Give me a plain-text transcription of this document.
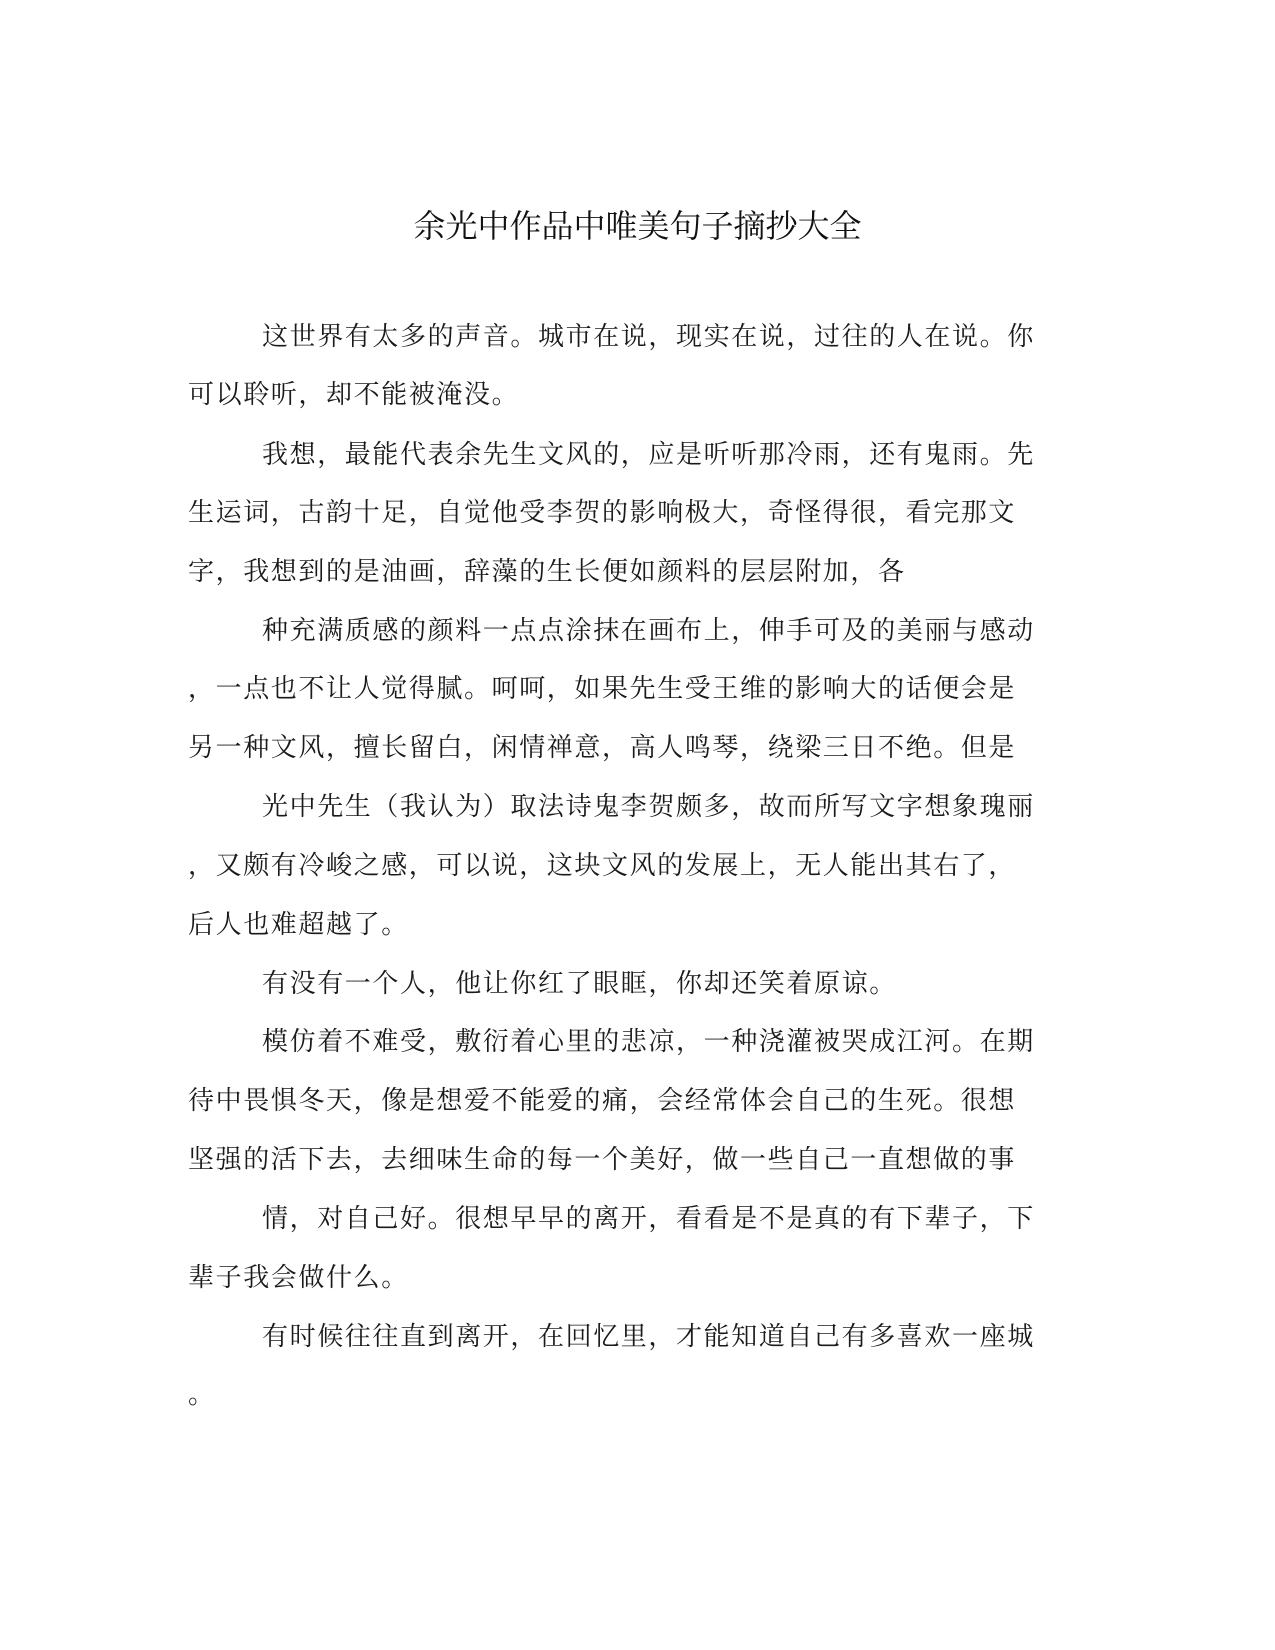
余光中作品中唯美句子摘抄大全
这世界有太多的声音。城市在说，现实在说，过往的人在说。你
可以聆听，却不能被淹没。
我想，最能代表余先生文风的，应是听听那冷雨，还有鬼雨。先
生运词，古韵十足，自觉他受李贺的影响极大，奇怪得很，看完那文
字，我想到的是油画，辞藻的生长便如颜料的层层附加，各
种充满质感的颜料一点点涂抹在画布上，伸手可及的美丽与感动
，一点也不让人觉得腻。呵呵，如果先生受王维的影响大的话便会是
另一种文风，擅长留白，闲情禅意，高人鸣琴，绕梁三日不绝。但是
光中先生（我认为）取法诗鬼李贺颇多，故而所写文字想象瑰丽
，又颇有冷峻之感，可以说，这块文风的发展上，无人能出其右了，
后人也难超越了。
有没有一个人，他让你红了眼眶，你却还笑着原谅。
模仿着不难受，敷衍着心里的悲凉，一种浇灌被哭成江河。在期
待中畏惧冬天，像是想爱不能爱的痛，会经常体会自己的生死。很想
坚强的活下去，去细味生命的每一个美好，做一些自己一直想做的事
情，对自己好。很想早早的离开，看看是不是真的有下辈子，下
辈子我会做什么。
有时候往往直到离开，在回忆里，才能知道自己有多喜欢一座城
。
